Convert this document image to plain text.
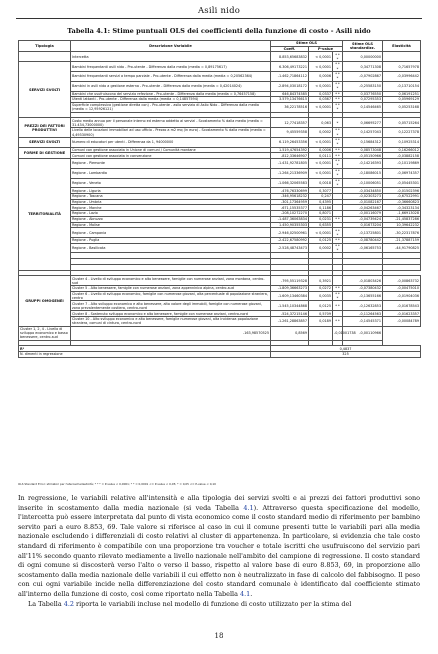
Asili nido
Tabella 4.1: Stime puntuali OLS dei coefficienti della funzione di costo - Asili nido
Tipologia	Descrizione Variabile	Stime OLS			Stime OLS standardizz.	Elasticità
		Coeff.	P-value			
	Intercetta	8.853,65683832	< 0,0001	* * *	0,00000000	
SERVIZI SVOLTI	Bambini frequentanti asili nido - Pro-utente - Differenza dalla media (media = 0,89175617)	6.306,49173221	< 0,0001	* * *	0,34771308	0,71657978
	Bambini frequentanti servizi a tempo parziale - Pro-utente - Differenza dalla media (media = 0,20562364)	-1.462,71864112	0,0006	* * *	-0,07902867	-0,03996442
	Bambini in asili nido a gestione esterna - Pro-utente - Differenza dalla media (media = 0,42014024)	-2.894,03018172	< 0,0001	* * *	-0,25583150	-0,13710154
	Bambini che usufruiscono del servizio refezione - Pro-utente - Differenza dalla media (media = 0,76457158)	646,84374585	0,0337	* *	0,03776550	0,06191251
	Utenti lattanti - Pro-utente - Differenza dalla media (media = 0,14857594)	3.579,13476615	0,0367	* *	0,07295353	0,05969129
	Superficie complessiva (gestione diretta con) - Pro-utente - asilo servizio di Asilo Nido - Differenza dalla media (media = 12,95926121)	36,22178516	< 0,0001	* * *	0,14546465	0,05253168

PREZZI DEI FATTORI PRODUTTIVI	Costo medio annuo per il personale interno ed esterno addetto ai servizi - Scostamento % dalla media (media = 31.434,73000000)	12,77418357	0,063	*	0,06695277	0,05715264
	Livello delle locazioni immobiliari ad uso ufficio - Prezzo a m2 mq (in euro) - Scostamento % dalla media (media = 4,49330900)	9,45559358	0,0002	* * *	0,14257043	0,12227378
SERVIZI SVOLTI	Numero di educatori per utenti - Differenza da 1, 94000000	6.119,26453356	< 0,0001	* * *	0,15684312	0,10925314
FORME DI GESTIONE	Comuni con gestione associata in Unione di comuni / Comunità montane	1.519,47654392	0,0006	* *	0,08573048	0,16266012
	Comuni con gestione associata in convenzione	-812,33646907	0,0111	* *	-0,05150966	-0,03882158
TERRITORIALITÀ	Regione - Piemonte	-1.431,92781805	< 0,0001	* * *	-0,14216393	-0,10119869
	Regione - Lombardia	-1.264,21336909	< 0,0001	* * *	-0,18086015	-0,06974357
	Regione - Veneto	-1.066,32065583	0,0018	* * *	-0,10006051	-0,05445301
	Regione - Liguria	-476,76330699	0,3077		-0,03434850	-0,01502396
	Regione - Toscana	-346,95618232	0,247		-0,02303273	-0,67522991
	Regione - Umbria	-301,17364959	0,4395		-0,01082167	-0,36660823
	Regione - Marche	-671,15535377	0,1186		-0,04263467	-0,34323134
	Regione - Lazio	-208,10272270	0,8071		-0,00116079	-1,66913028
	Regione - Abruzzo	-1.487,36063834	0,0231	* *	-0,04739424	-21,45837286
	Regione - Molise	1.450,90355303	0,6355		0,01673204	10,39642232
	Regione - Campania	-2.946,02500961	< 0,0001	* * *	-0,13725801	-30,22317876
	Regione - Puglia	-2.422,67580992	0,0125	* *	-0,08780442	-21,37887159
	Regione - Basilicata	-2.528,48743473	0,0002	* * *	-0,06165753	-44,91790825

GRUPPI OMOGENEI	Cluster 4 - Livello di sviluppo economico e alto benessere, famiglie con numerose anziani, zona montana, centro-sud	-795,55119328	0,3921		-0,01803426	-0,00863732
	Cluster 5 - Alto benessere, famiglie con numerose anziani, zona appenninica alpina, centro-sud	-1.809,36663273	0,0272	* *	-0,07380432	-0,00475010
	Cluster 6 - Livello di sviluppo economico, famiglie con numerose giovani, alta percentuale di popolazione straniera, centro	-1.609,13460384	0,0035	* * *	-0,13655166	-0,01904036
	Cluster 7 - Alto sviluppo economico e alto benessere, alto valore degli immobili, famiglie con numerose giovani, zona prevalentemente costiera, centro-nord	-1.545,10344868	0,0125	* *	-0,12632853	-0,01678543
	Cluster 8 - Sostenuto sviluppo economico e alto benessere, famiglie con numerose anziani, centro-nord	-524,37215146	0,5709		-0,11264563	-0,01623357
	Cluster 10 - Alto sviluppo economico e alto benessere, famiglie numerose giovani, alta incidenza popolazione straniera, comuni di cintura, centro-nord	-1.261,28863857	0,0189	* *	-0,14545371	-0,00084789
Cluster 1, 2, 4 - Livello di sviluppo economico e basso benessere, centro-sud	-163,98570525	0,8569		-0,01001738	-0,00110966	

R²		0,4837				
N. dimenti in regressione		325				
OLS Standard Error: stimatori per l'eteroschedasticità; * * * = P-value < 0,0001; * * = 0,0001 <= P-value < 0,05; * = 0,05 <= P-value < 0,10

In regressione, le variabili relative all'intensità e alla tipologia dei servizi svolti e ai prezzi dei fattori produttivi sono inserite in scostamento dalla media nazionale (si veda Tabella 4.1). Attraverso questa specificazione del modello, l'intercetta può essere interpretata dal punto di vista economico come il costo standard medio di riferimento per bambino servito pari a euro 8.853, 69. Tale valore si riferisce al caso in cui il comune presenti tutte le variabili pari alla media nazionale escludendo i differenziali di costo relativi al cluster di appartenenza. In particolare, si evidenzia che tale costo standard di riferimento è compatibile con una proporzione tra voucher e totale iscritti che usufruiscono del servizio pari all'11% secondo quanto rilevato mediamente a livello nazionale nell'ambito del campione di regressione. Il costo standard di ogni comune si discosterà verso l'alto o verso il basso, rispetto al valore base di euro 8.853, 69, in proporzione allo scostamento dalla media nazionale delle variabili il cui effetto non è neutralizzato in fase di calcolo del fabbisogno. Il peso con cui ogni variabile incide nella differenziazione del costo standard comunale è identificato dal coefficiente stimato all'interno della funzione di costo, così come riportato nella Tabella 4.1.

La Tabella 4.2 riporta le variabili incluse nel modello di funzione di costo utilizzato per la stima del

18
